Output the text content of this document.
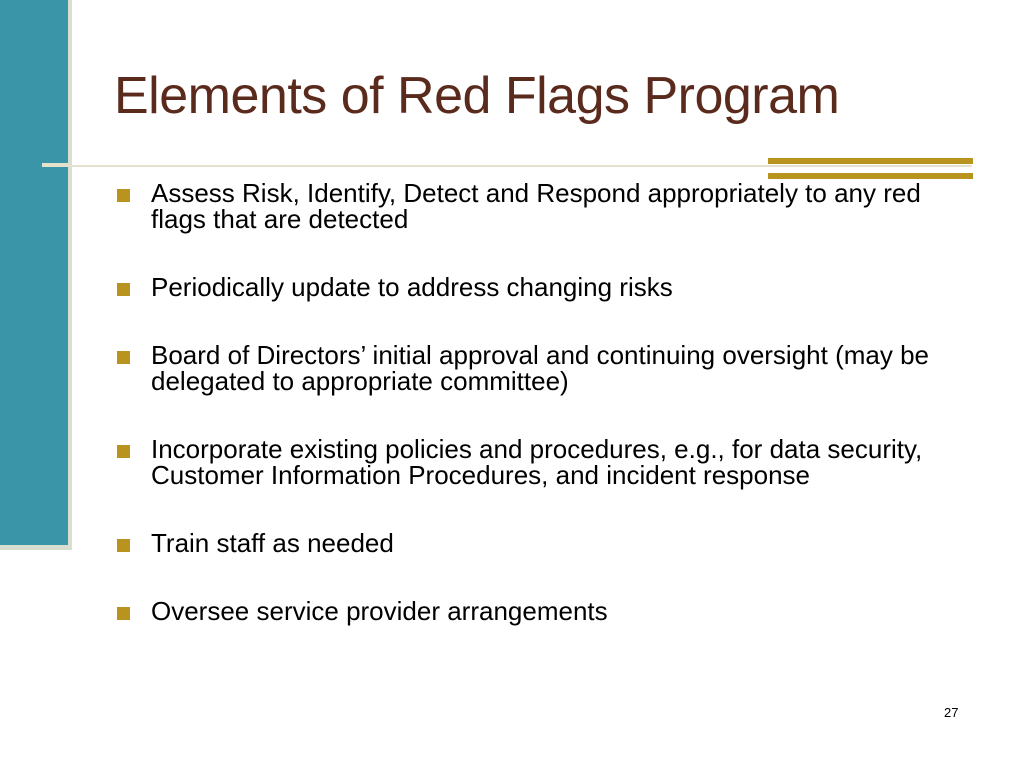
Elements of Red Flags Program
Assess Risk, Identify, Detect and Respond appropriately to any red flags that are detected
Periodically update to address changing risks
Board of Directors’ initial approval and continuing oversight (may be delegated to appropriate committee)
Incorporate existing policies and procedures, e.g., for data security, Customer Information Procedures, and incident response
Train staff as needed
Oversee service provider arrangements
27
